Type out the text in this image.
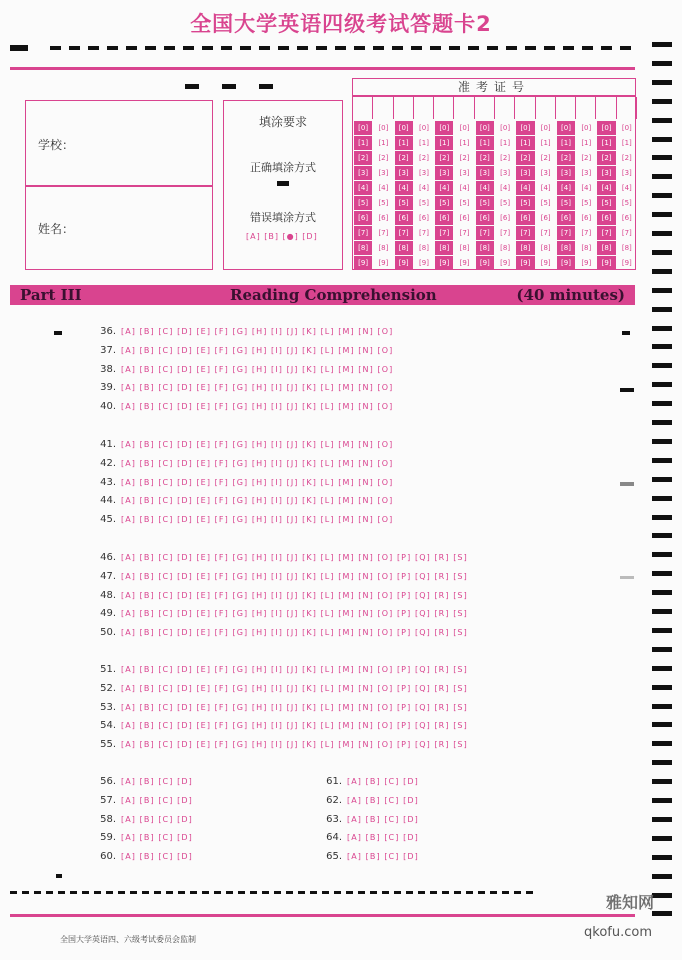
全国大学英语四级考试答题卡2
学校：
姓名：
填涂要求
正确填涂方式
错误填涂方式
[A] [B] [●] [D]
准考证号
[0]
[1]
[2]
[3]
[4]
[5]
[6]
[7]
[8]
[9]
[0]
[1]
[2]
[3]
[4]
[5]
[6]
[7]
[8]
[9]
[0]
[1]
[2]
[3]
[4]
[5]
[6]
[7]
[8]
[9]
[0]
[1]
[2]
[3]
[4]
[5]
[6]
[7]
[8]
[9]
[0]
[1]
[2]
[3]
[4]
[5]
[6]
[7]
[8]
[9]
[0]
[1]
[2]
[3]
[4]
[5]
[6]
[7]
[8]
[9]
[0]
[1]
[2]
[3]
[4]
[5]
[6]
[7]
[8]
[9]
[0]
[1]
[2]
[3]
[4]
[5]
[6]
[7]
[8]
[9]
[0]
[1]
[2]
[3]
[4]
[5]
[6]
[7]
[8]
[9]
[0]
[1]
[2]
[3]
[4]
[5]
[6]
[7]
[8]
[9]
[0]
[1]
[2]
[3]
[4]
[5]
[6]
[7]
[8]
[9]
[0]
[1]
[2]
[3]
[4]
[5]
[6]
[7]
[8]
[9]
[0]
[1]
[2]
[3]
[4]
[5]
[6]
[7]
[8]
[9]
[0]
[1]
[2]
[3]
[4]
[5]
[6]
[7]
[8]
[9]
Part III	Reading Comprehension	(40 minutes)
36. [A] [B] [C] [D] [E] [F] [G] [H] [I] [J] [K] [L] [M] [N] [O]
37. [A] [B] [C] [D] [E] [F] [G] [H] [I] [J] [K] [L] [M] [N] [O]
38. [A] [B] [C] [D] [E] [F] [G] [H] [I] [J] [K] [L] [M] [N] [O]
39. [A] [B] [C] [D] [E] [F] [G] [H] [I] [J] [K] [L] [M] [N] [O]
40. [A] [B] [C] [D] [E] [F] [G] [H] [I] [J] [K] [L] [M] [N] [O]
41. [A] [B] [C] [D] [E] [F] [G] [H] [I] [J] [K] [L] [M] [N] [O]
42. [A] [B] [C] [D] [E] [F] [G] [H] [I] [J] [K] [L] [M] [N] [O]
43. [A] [B] [C] [D] [E] [F] [G] [H] [I] [J] [K] [L] [M] [N] [O]
44. [A] [B] [C] [D] [E] [F] [G] [H] [I] [J] [K] [L] [M] [N] [O]
45. [A] [B] [C] [D] [E] [F] [G] [H] [I] [J] [K] [L] [M] [N] [O]
46. [A] [B] [C] [D] [E] [F] [G] [H] [I] [J] [K] [L] [M] [N] [O] [P] [Q] [R] [S]
47. [A] [B] [C] [D] [E] [F] [G] [H] [I] [J] [K] [L] [M] [N] [O] [P] [Q] [R] [S]
48. [A] [B] [C] [D] [E] [F] [G] [H] [I] [J] [K] [L] [M] [N] [O] [P] [Q] [R] [S]
49. [A] [B] [C] [D] [E] [F] [G] [H] [I] [J] [K] [L] [M] [N] [O] [P] [Q] [R] [S]
50. [A] [B] [C] [D] [E] [F] [G] [H] [I] [J] [K] [L] [M] [N] [O] [P] [Q] [R] [S]
51. [A] [B] [C] [D] [E] [F] [G] [H] [I] [J] [K] [L] [M] [N] [O] [P] [Q] [R] [S]
52. [A] [B] [C] [D] [E] [F] [G] [H] [I] [J] [K] [L] [M] [N] [O] [P] [Q] [R] [S]
53. [A] [B] [C] [D] [E] [F] [G] [H] [I] [J] [K] [L] [M] [N] [O] [P] [Q] [R] [S]
54. [A] [B] [C] [D] [E] [F] [G] [H] [I] [J] [K] [L] [M] [N] [O] [P] [Q] [R] [S]
55. [A] [B] [C] [D] [E] [F] [G] [H] [I] [J] [K] [L] [M] [N] [O] [P] [Q] [R] [S]
56. [A] [B] [C] [D]
57. [A] [B] [C] [D]
58. [A] [B] [C] [D]
59. [A] [B] [C] [D]
60. [A] [B] [C] [D]
61. [A] [B] [C] [D]
62. [A] [B] [C] [D]
63. [A] [B] [C] [D]
64. [A] [B] [C] [D]
65. [A] [B] [C] [D]
全国大学英语四、六级考试委员会监制
雅知网
qkofu.com
